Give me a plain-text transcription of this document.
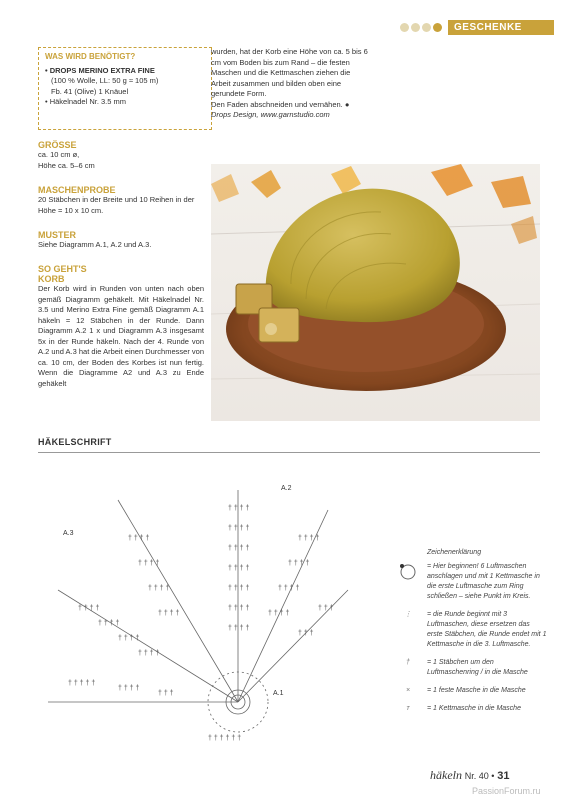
GESCHENKE
WAS WIRD BENÖTIGT?
• DROPS MERINO EXTRA FINE
(100 % Wolle, LL: 50 g ≈ 105 m)
Fb. 41 (Olive) 1 Knäuel
• Häkelnadel Nr. 3.5 mm
wurden, hat der Korb eine Höhe von ca. 5 bis 6 cm vom Boden bis zum Rand – die festen Maschen und die Kettmaschen ziehen die Arbeit zusammen und bilden oben eine gerundete Form.
Den Faden abschneiden und vernähen. ●
Drops Design, www.garnstudio.com
GRÖSSE
ca. 10 cm ø,
Höhe ca. 5–6 cm
MASCHENPROBE
20 Stäbchen in der Breite und 10 Reihen in der Höhe = 10 x 10 cm.
MUSTER
Siehe Diagramm A.1, A.2 und A.3.
SO GEHT'S
KORB
Der Korb wird in Runden von unten nach oben gemäß Diagramm gehäkelt. Mit Häkelnadel Nr. 3.5 und Merino Extra Fine gemäß Diagramm A.1 häkeln = 12 Stäbchen in der Runde. Dann Diagramm A.2 1 x und Diagramm A.3 insgesamt 5x in der Runde häkeln. Nach der 4. Runde von A.2 und A.3 hat die Arbeit einen Durchmesser von ca. 10 cm, der Boden des Korbes ist nun fertig. Wenn die Diagramme A2 und A.3 zu Ende gehäkelt
HÄKELSCHRIFT
† † † †
† † † †
† † † †
† † † †
† † † †
† † † †
† † † †
† † † †
† † † †
† † † †
† † † †
† † † †
† † † †
† † † †
† † † †
† † † † †
† † † †
† † †
† † † †
† † † †
† † † †
† † † †
† † †
† † †
† † † † † †
A.2
A.3
A.1
Zeichenerklärung
= Hier beginnen! 6 Luftmaschen anschlagen und mit 1 Kettmasche in die erste Luftmasche zum Ring schließen – siehe Punkt im Kreis.
⋮	= die Runde beginnt mit 3 Luftmaschen, diese ersetzen das erste Stäbchen, die Runde endet mit 1 Kettmasche in die 3. Luftmasche.
†	= 1 Stäbchen um den Luftmaschenring / in die Masche
×	= 1 feste Masche in die Masche
ᴛ	= 1 Kettmasche in die Masche
häkeln Nr. 40 • 31
PassionForum.ru
